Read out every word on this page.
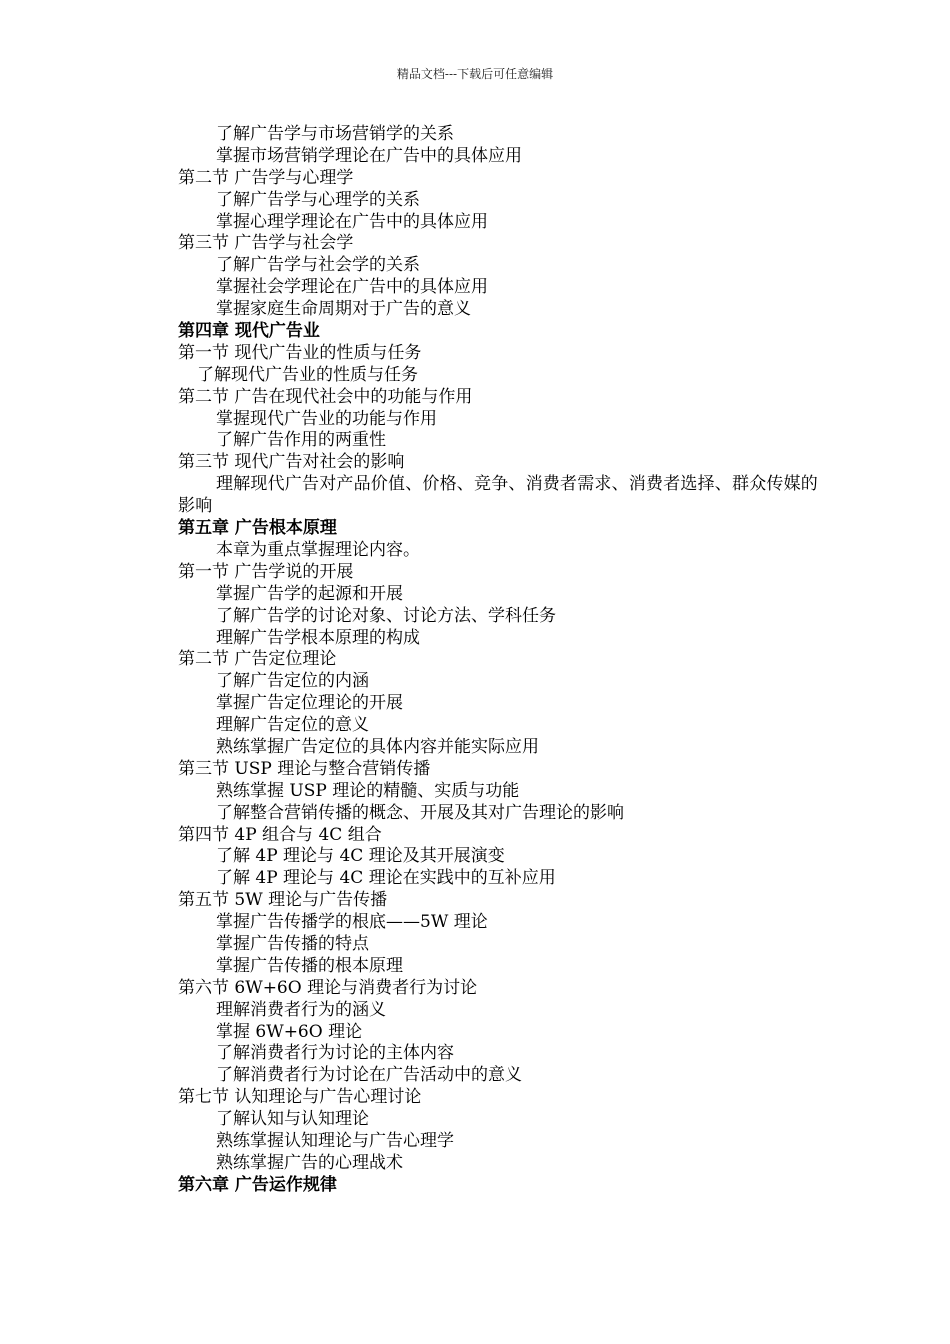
精品文档---下载后可任意编辑
了解广告学与市场营销学的关系
掌握市场营销学理论在广告中的具体应用
第二节 广告学与心理学
了解广告学与心理学的关系
掌握心理学理论在广告中的具体应用
第三节 广告学与社会学
了解广告学与社会学的关系
掌握社会学理论在广告中的具体应用
掌握家庭生命周期对于广告的意义
第四章 现代广告业
第一节 现代广告业的性质与任务
了解现代广告业的性质与任务
第二节 广告在现代社会中的功能与作用
掌握现代广告业的功能与作用
了解广告作用的两重性
第三节 现代广告对社会的影响
理解现代广告对产品价值、价格、竞争、消费者需求、消费者选择、群众传媒的影响
第五章 广告根本原理
本章为重点掌握理论内容。
第一节 广告学说的开展
掌握广告学的起源和开展
了解广告学的讨论对象、讨论方法、学科任务
理解广告学根本原理的构成
第二节 广告定位理论
了解广告定位的内涵
掌握广告定位理论的开展
理解广告定位的意义
熟练掌握广告定位的具体内容并能实际应用
第三节 USP 理论与整合营销传播
熟练掌握 USP 理论的精髓、实质与功能
了解整合营销传播的概念、开展及其对广告理论的影响
第四节 4P 组合与 4C 组合
了解 4P 理论与 4C 理论及其开展演变
了解 4P 理论与 4C 理论在实践中的互补应用
第五节 5W 理论与广告传播
掌握广告传播学的根底——5W 理论
掌握广告传播的特点
掌握广告传播的根本原理
第六节 6W+6O 理论与消费者行为讨论
理解消费者行为的涵义
掌握 6W+6O 理论
了解消费者行为讨论的主体内容
了解消费者行为讨论在广告活动中的意义
第七节 认知理论与广告心理讨论
了解认知与认知理论
熟练掌握认知理论与广告心理学
熟练掌握广告的心理战术
第六章 广告运作规律
